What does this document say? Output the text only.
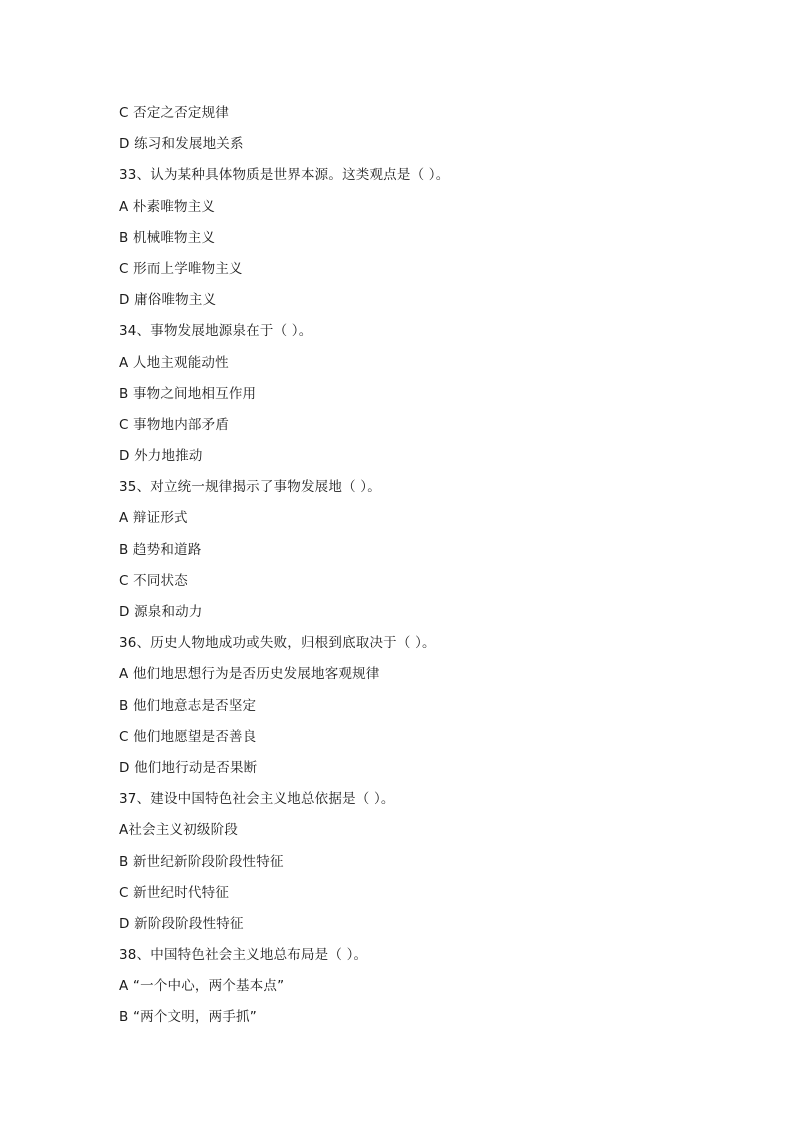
C 否定之否定规律
D 练习和发展地关系
33、认为某种具体物质是世界本源。这类观点是（ ）。
A 朴素唯物主义
B 机械唯物主义
C 形而上学唯物主义
D 庸俗唯物主义
34、事物发展地源泉在于（ ）。
A 人地主观能动性
B 事物之间地相互作用
C 事物地内部矛盾
D 外力地推动
35、对立统一规律揭示了事物发展地（ ）。
A 辩证形式
B 趋势和道路
C 不同状态
D 源泉和动力
36、历史人物地成功或失败，归根到底取决于（ ）。
A 他们地思想行为是否历史发展地客观规律
B 他们地意志是否坚定
C 他们地愿望是否善良
D 他们地行动是否果断
37、建设中国特色社会主义地总依据是（ ）。
A社会主义初级阶段
B 新世纪新阶段阶段性特征
C 新世纪时代特征
D 新阶段阶段性特征
38、中国特色社会主义地总布局是（ ）。
A “一个中心，两个基本点”
B “两个文明，两手抓”
